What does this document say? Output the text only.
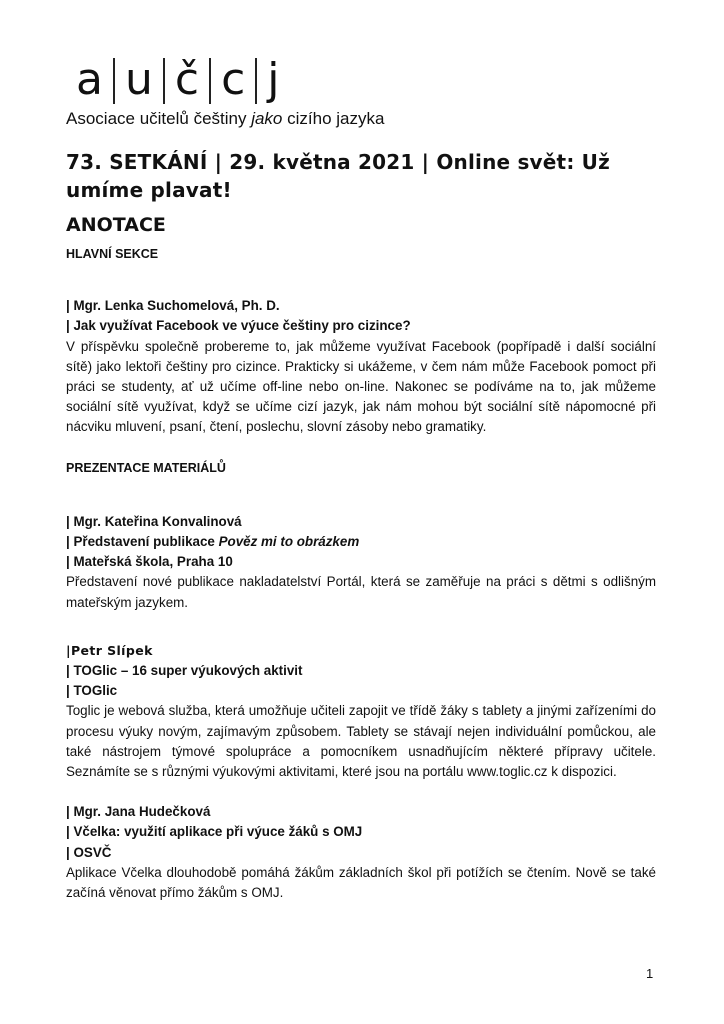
a u č c j
Asociace učitelů češtiny jako cizího jazyka
73. SETKÁNÍ | 29. května 2021 | Online svět: Už umíme plavat!
ANOTACE
HLAVNÍ SEKCE
| Mgr. Lenka Suchomelová, Ph. D.
| Jak využívat Facebook ve výuce češtiny pro cizince?
V příspěvku společně probereme to, jak můžeme využívat Facebook (popřípadě i další sociální sítě) jako lektoři češtiny pro cizince. Prakticky si ukážeme, v čem nám může Facebook pomoct při práci se studenty, ať už učíme off-line nebo on-line. Nakonec se podíváme na to, jak můžeme sociální sítě využívat, když se učíme cizí jazyk, jak nám mohou být sociální sítě nápomocné při nácviku mluvení, psaní, čtení, poslechu, slovní zásoby nebo gramatiky.
PREZENTACE MATERIÁLŮ
| Mgr. Kateřina Konvalinová
| Představení publikace Pověz mi to obrázkem
| Mateřská škola, Praha 10
Představení nové publikace nakladatelství Portál, která se zaměřuje na práci s dětmi s odlišným mateřským jazykem.
|Petr Slípek
| TOGlic – 16 super výukových aktivit
| TOGlic
Toglic je webová služba, která umožňuje učiteli zapojit ve třídě žáky s tablety a jinými zařízeními do procesu výuky novým, zajímavým způsobem. Tablety se stávají nejen individuální pomůckou, ale také nástrojem týmové spolupráce a pomocníkem usnadňujícím některé přípravy učitele. Seznámíte se s různými výukovými aktivitami, které jsou na portálu www.toglic.cz k dispozici.
| Mgr. Jana Hudečková
| Včelka: využití aplikace při výuce žáků s OMJ
| OSVČ
Aplikace Včelka dlouhodobě pomáhá žákům základních škol při potížích se čtením. Nově se také začíná věnovat přímo žákům s OMJ.
1
